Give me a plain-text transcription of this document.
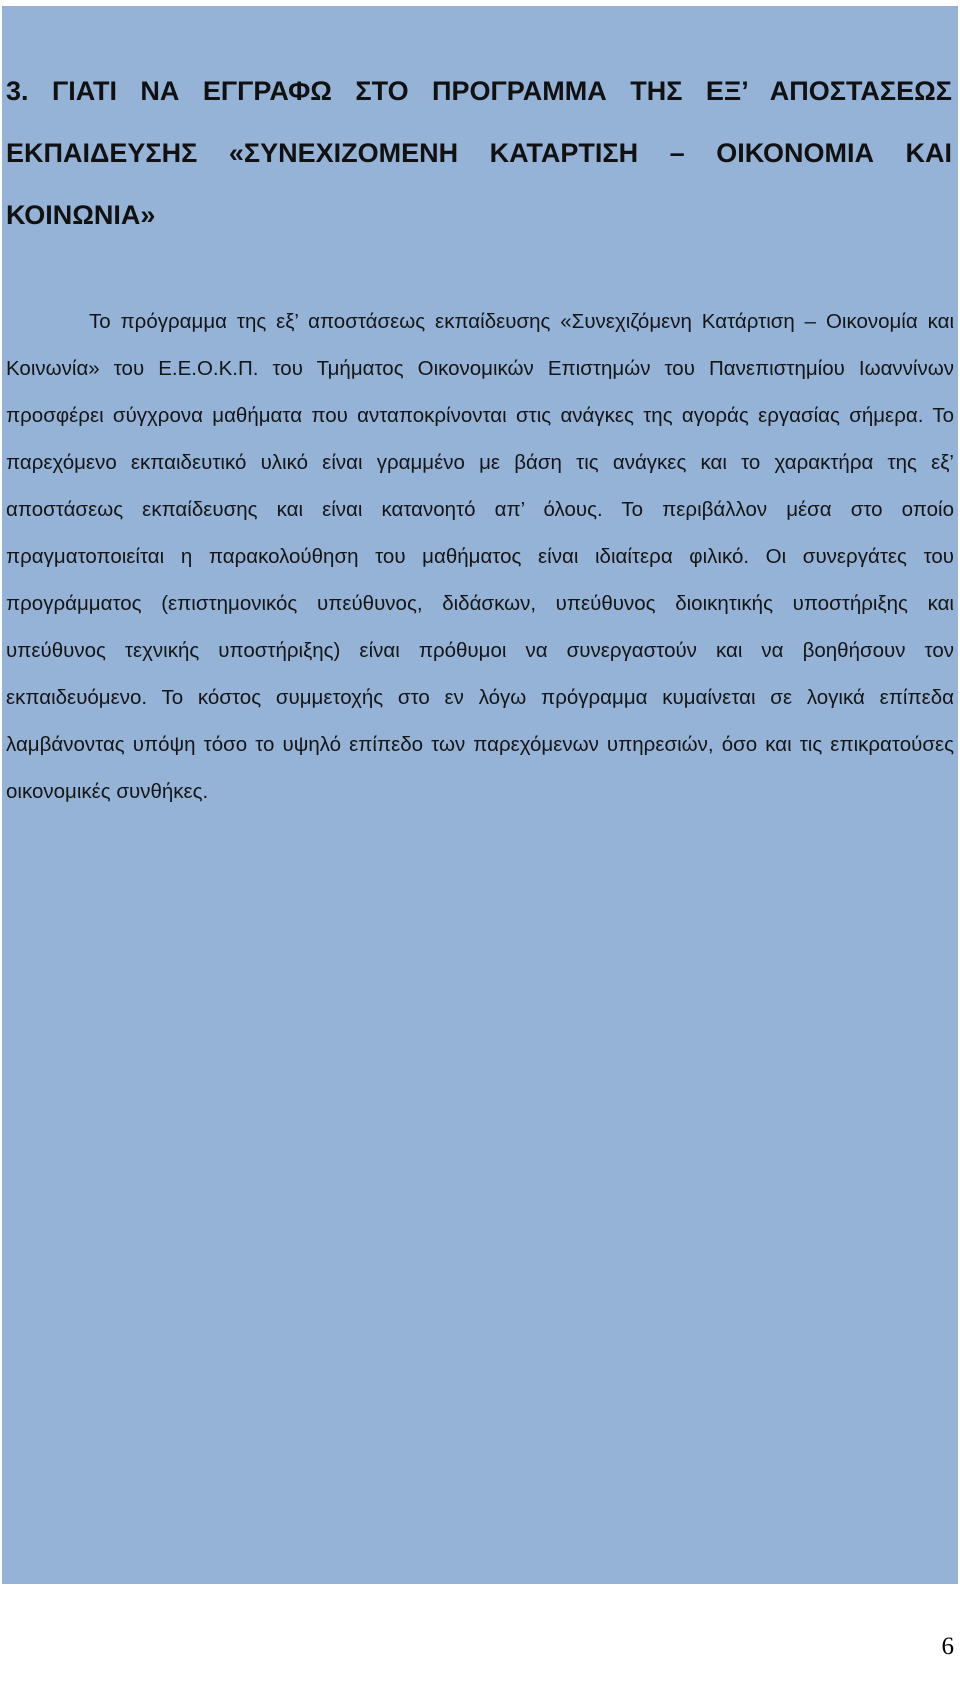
3. ΓΙΑΤΙ ΝΑ ΕΓΓΡΑΦΩ ΣΤΟ ΠΡΟΓΡΑΜΜΑ ΤΗΣ ΕΞ’ ΑΠΟΣΤΑΣΕΩΣ ΕΚΠΑΙΔΕΥΣΗΣ «ΣΥΝΕΧΙΖΟΜΕΝΗ ΚΑΤΑΡΤΙΣΗ – ΟΙΚΟΝΟΜΙΑ ΚΑΙ ΚΟΙΝΩΝΙΑ»

Το πρόγραμμα της εξ’ αποστάσεως εκπαίδευσης «Συνεχιζόμενη Κατάρτιση – Οικονομία και Κοινωνία» του Ε.Ε.Ο.Κ.Π. του Τμήματος Οικονομικών Επιστημών του Πανεπιστημίου Ιωαννίνων προσφέρει σύγχρονα μαθήματα που ανταποκρίνονται στις ανάγκες της αγοράς εργασίας σήμερα. Το παρεχόμενο εκπαιδευτικό υλικό είναι γραμμένο με βάση τις ανάγκες και το χαρακτήρα της εξ’ αποστάσεως εκπαίδευσης και είναι κατανοητό απ’ όλους. Το περιβάλλον μέσα στο οποίο πραγματοποιείται η παρακολούθηση του μαθήματος είναι ιδιαίτερα φιλικό. Οι συνεργάτες του προγράμματος (επιστημονικός υπεύθυνος, διδάσκων, υπεύθυνος διοικητικής υποστήριξης και υπεύθυνος τεχνικής υποστήριξης) είναι πρόθυμοι να συνεργαστούν και να βοηθήσουν τον εκπαιδευόμενο. Το κόστος συμμετοχής στο εν λόγω πρόγραμμα κυμαίνεται σε λογικά επίπεδα λαμβάνοντας υπόψη τόσο το υψηλό επίπεδο των παρεχόμενων υπηρεσιών, όσο και τις επικρατούσες οικονομικές συνθήκες.

6
